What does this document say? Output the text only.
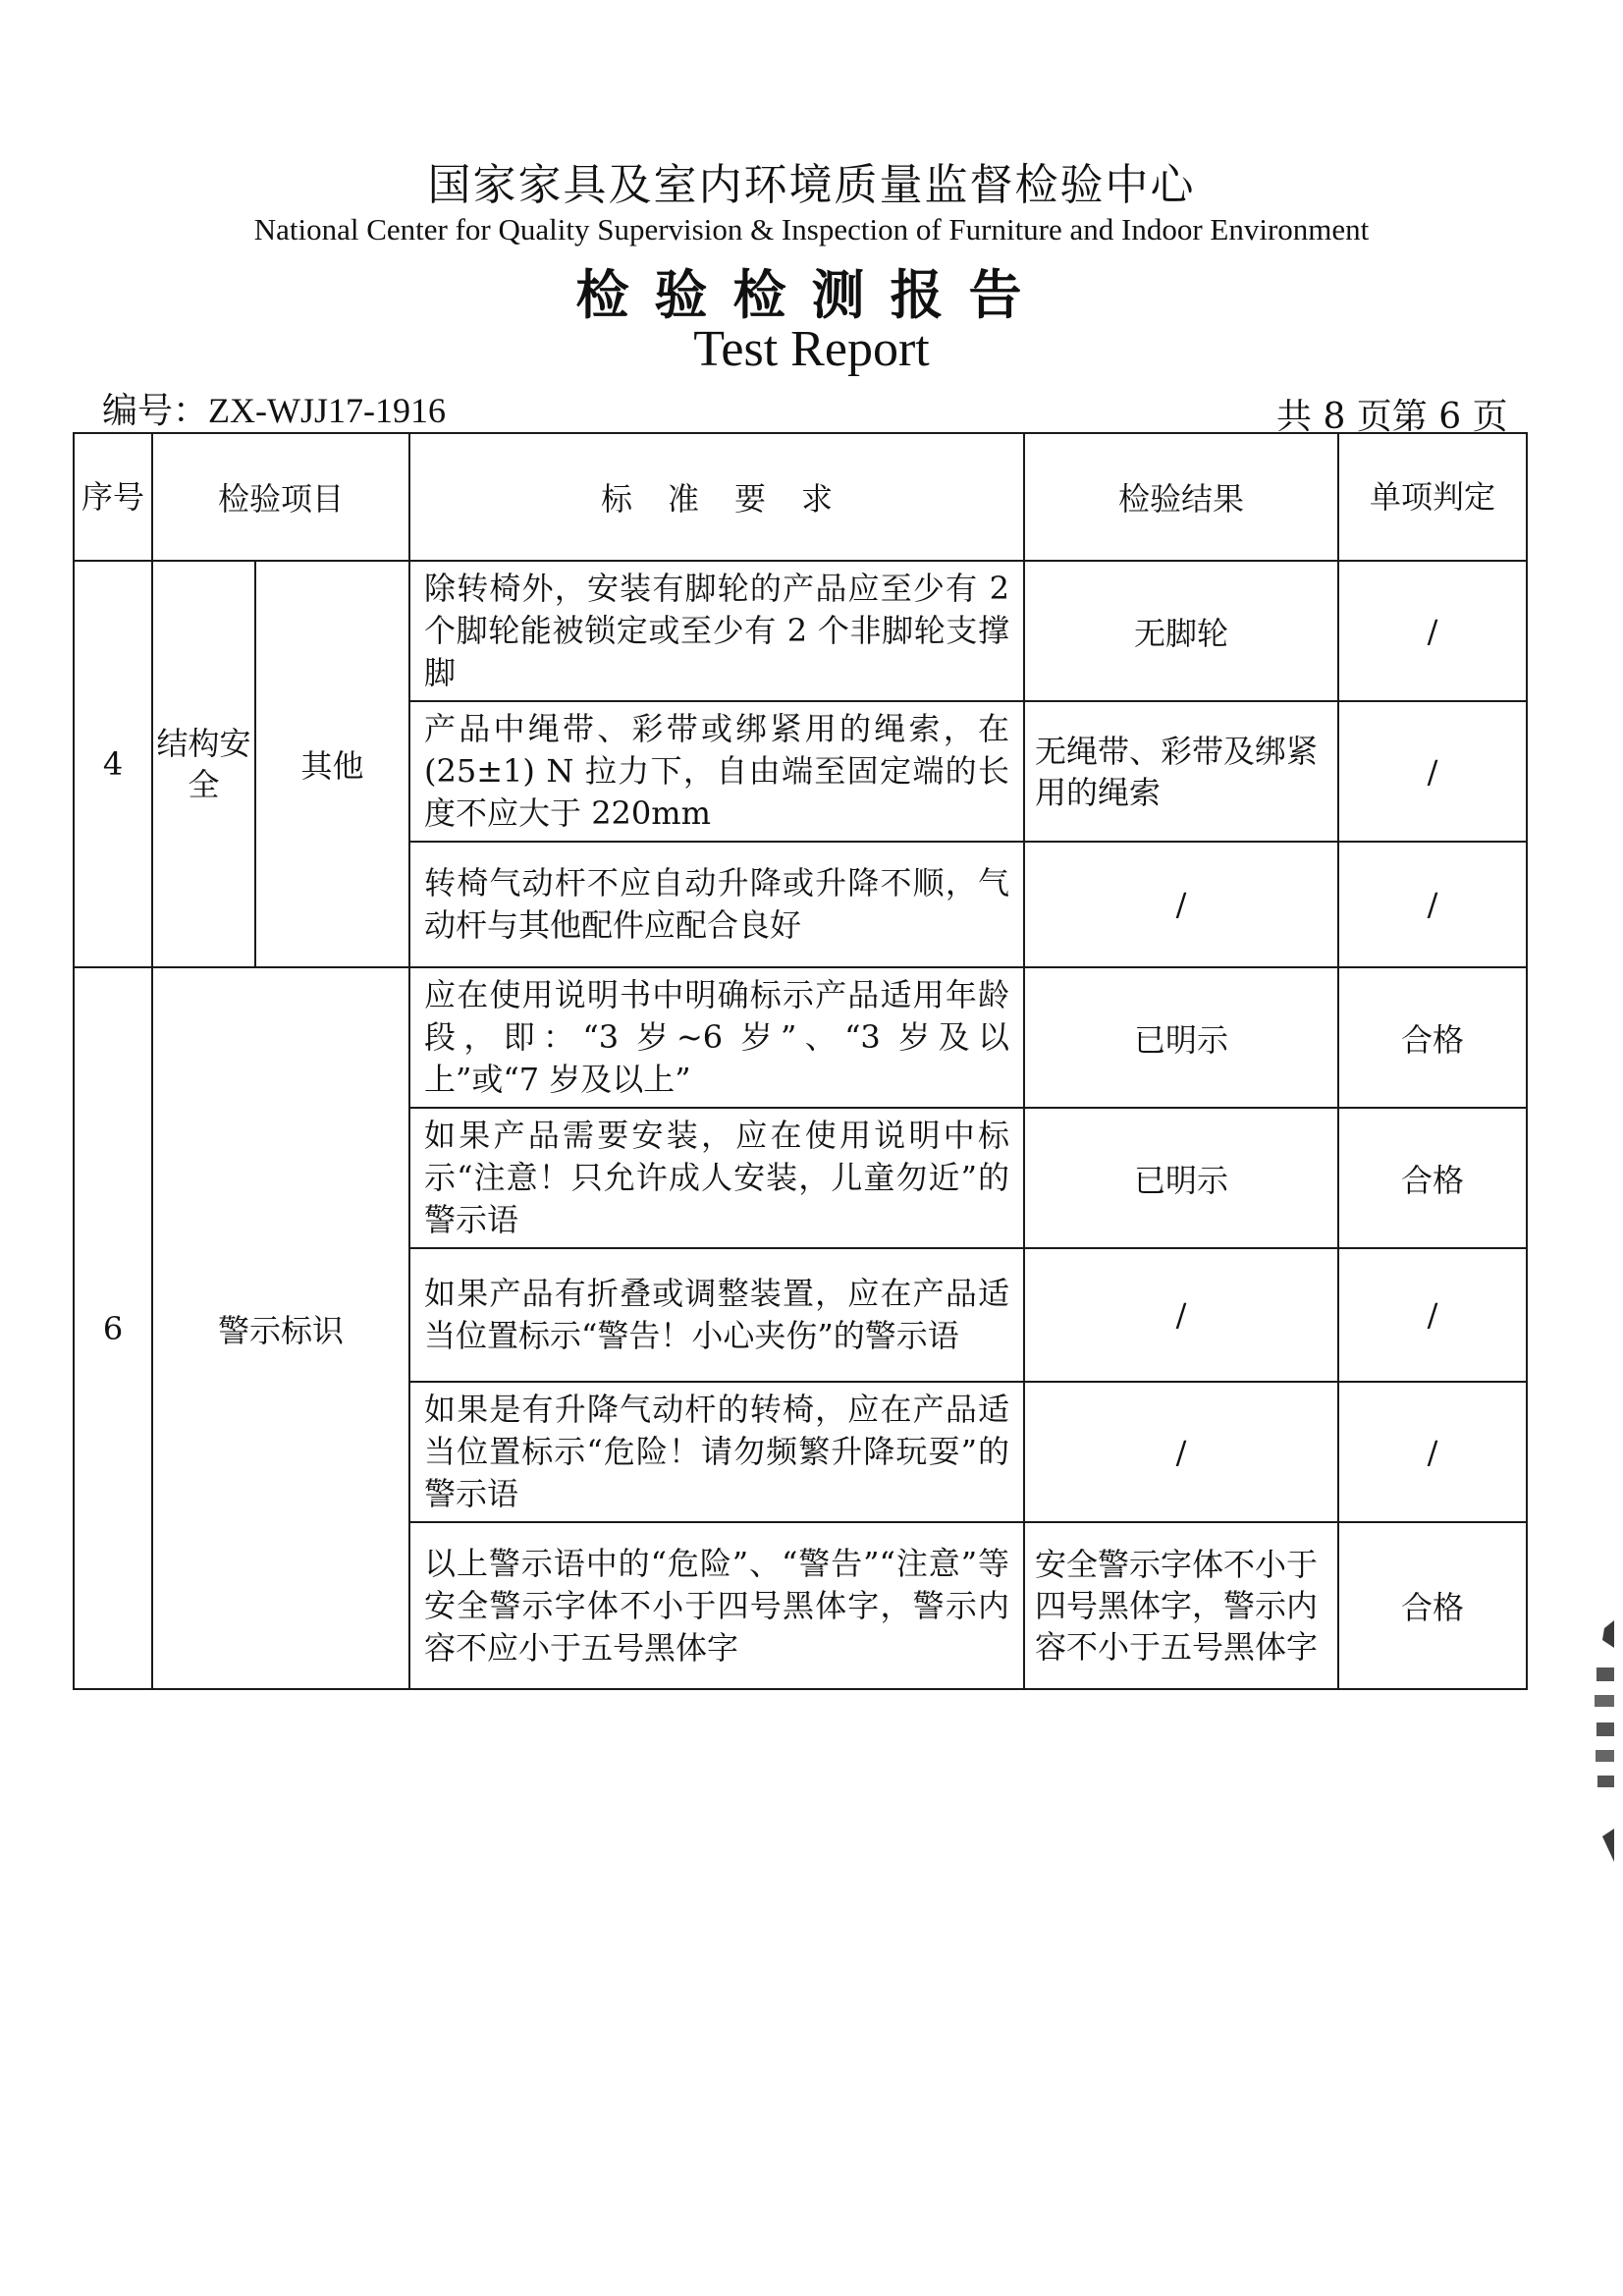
国家家具及室内环境质量监督检验中心
National Center for Quality Supervision & Inspection of Furniture and Indoor Environment
检验检测报告
Test Report
编号：ZX-WJJ17-1916	共 8 页第 6 页
序号	检验项目		标准要求	检验结果	单项判定
4	结构安全	其他	除转椅外，安装有脚轮的产品应至少有 2 个脚轮能被锁定或至少有 2 个非脚轮支撑脚	无脚轮	/
			产品中绳带、彩带或绑紧用的绳索，在(25±1) N 拉力下，自由端至固定端的长度不应大于 220mm	无绳带、彩带及绑紧用的绳索	/
			转椅气动杆不应自动升降或升降不顺，气动杆与其他配件应配合良好	/	/
6	警示标识		应在使用说明书中明确标示产品适用年龄段，即：“3 岁~6 岁”、“3 岁及以上”或“7 岁及以上”	已明示	合格
			如果产品需要安装，应在使用说明中标示“注意！只允许成人安装，儿童勿近”的警示语	已明示	合格
			如果产品有折叠或调整装置，应在产品适当位置标示“警告！小心夹伤”的警示语	/	/
			如果是有升降气动杆的转椅，应在产品适当位置标示“危险！请勿频繁升降玩耍”的警示语	/	/
			以上警示语中的“危险”、“警告”“注意”等安全警示字体不小于四号黑体字，警示内容不应小于五号黑体字	安全警示字体不小于四号黑体字，警示内容不小于五号黑体字	合格
